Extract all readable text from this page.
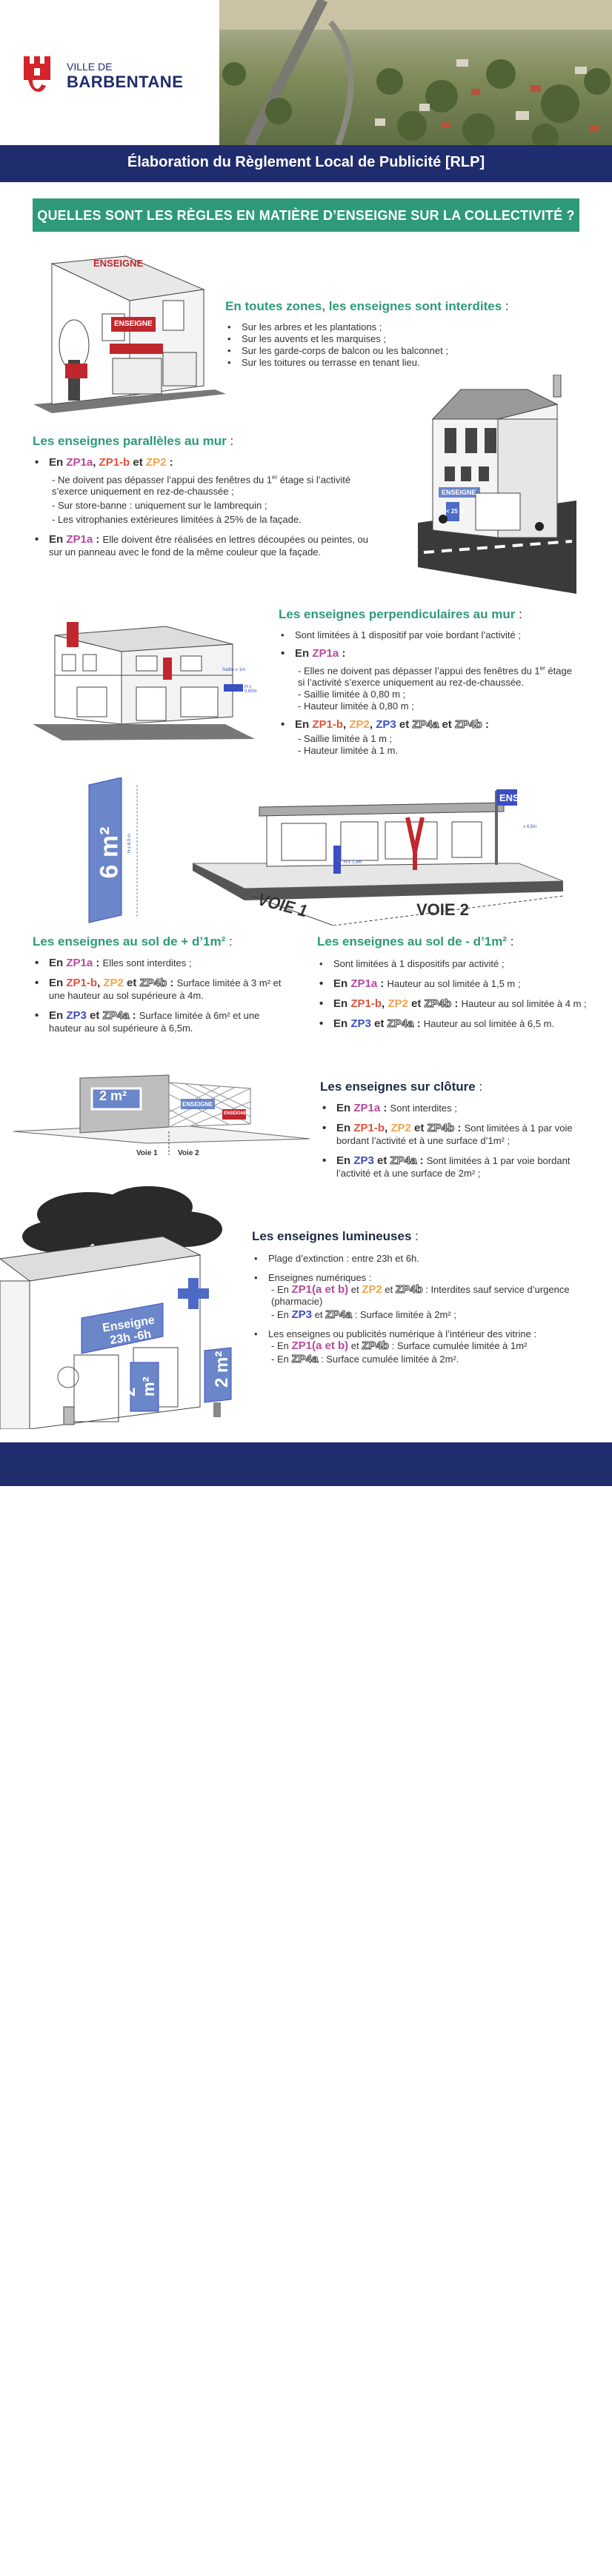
VILLE DE
BARBENTANE
Élaboration du Règlement Local de Publicité [RLP]
QUELLES SONT LES RÈGLES EN MATIÈRE D’ENSEIGNE SUR LA COLLECTIVITÉ ?
ENSEIGNE
ENSEIGNE
En toutes zones, les enseignes sont interdites :
• Sur les arbres et les plantations ;
• Sur les auvents et les marquises ;
• Sur les garde-corps de balcon ou les balconnet ;
• Sur les toitures ou terrasse en tenant lieu.
ENSEIGNE
< 25 %
Les enseignes parallèles au mur :
• En ZP1a, ZP1-b et ZP2 :
- Ne doivent pas dépasser l’appui des fenêtres du 1er étage si l’activité s’exerce uniquement en rez-de-chaussée ;
- Sur store-banne : uniquement sur le lambrequin ;
- Les vitrophanies extérieures limitées à 25% de la façade.
• En ZP1a : Elle doivent être réalisées en lettres découpées ou peintes, ou sur un panneau avec le fond de la même couleur que la façade.
Saillie ≤ 1m
H ≤ 0,80m
Les enseignes perpendiculaires au mur :
• Sont limitées à 1 dispositif par voie bordant l’activité ;
• En ZP1a :
- Elles ne doivent pas dépasser l’appui des fenêtres du 1er étage si l’activité s’exerce uniquement au rez-de-chaussée.
- Saillie limitée à 0,80 m ;
- Hauteur limitée à 0,80 m ;
• En ZP1-b, ZP2, ZP3 et ZP4a et ZP4b :
- Saillie limitée à 1 m ;
- Hauteur limitée à 1 m.
6 m² H ≤ 6,5 m
VOIE 1	VOIE 2
ENS
≤ 6,5m
H ≤ 1,5m
Les enseignes au sol de + d’1m² :
• En ZP1a : Elles sont interdites ;
• En ZP1-b, ZP2 et ZP4b : Surface limitée à 3 m² et une hauteur au sol supérieure à 4m.
• En ZP3 et ZP4a : Surface limitée à 6m² et une hauteur au sol supérieure à 6,5m.
Les enseignes au sol de - d’1m² :
• Sont limitées à 1 dispositifs par activité ;
• En ZP1a : Hauteur au sol limitée à 1,5 m ;
• En ZP1-b, ZP2 et ZP4b : Hauteur au sol limitée à 4 m ;
• En ZP3 et ZP4a : Hauteur au sol limitée à 6,5 m.
2 m²
ENSEIGNE
ENSEIGNE
Voie 1	Voie 2
Les enseignes sur clôture :
• En ZP1a : Sont interdites ;
• En ZP1-b, ZP2 et ZP4b : Sont limitées à 1 par voie bordant l’activité et à une surface d’1m² ;
• En ZP3 et ZP4a : Sont limitées à 1 par voie bordant l’activité et à une surface de 2m² ;
Enseigne 23h -6h
2 m²
2 m²	2 m²
Les enseignes lumineuses :
• Plage d’extinction : entre 23h et 6h.
• Enseignes numériques :
- En ZP1(a et b) et ZP2 et ZP4b : Interdites sauf service d’urgence (pharmacie)
- En ZP3 et ZP4a : Surface limitée à 2m² ;
• Les enseignes ou publicités numérique à l’intérieur des vitrine :
- En ZP1(a et b) et ZP4b : Surface cumulée limitée à 1m²
- En ZP4a : Surface cumulée limitée à 2m².
